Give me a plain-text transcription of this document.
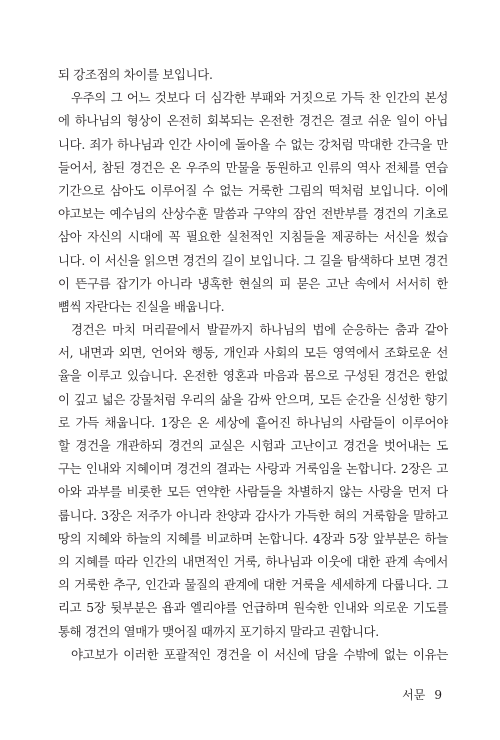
되 강조점의 차이를 보입니다.
우주의 그 어느 것보다 더 심각한 부패와 거짓으로 가득 찬 인간의 본성
에 하나님의 형상이 온전히 회복되는 온전한 경건은 결코 쉬운 일이 아닙
니다. 죄가 하나님과 인간 사이에 돌아올 수 없는 강처럼 막대한 간극을 만
들어서, 참된 경건은 온 우주의 만물을 동원하고 인류의 역사 전체를 연습
기간으로 삼아도 이루어질 수 없는 거룩한 그림의 떡처럼 보입니다. 이에
야고보는 예수님의 산상수훈 말씀과 구약의 잠언 전반부를 경건의 기초로
삼아 자신의 시대에 꼭 필요한 실천적인 지침들을 제공하는 서신을 썼습
니다. 이 서신을 읽으면 경건의 길이 보입니다. 그 길을 탐색하다 보면 경건
이 뜬구름 잡기가 아니라 냉혹한 현실의 피 묻은 고난 속에서 서서히 한
뼘씩 자란다는 진실을 배웁니다.
경건은 마치 머리끝에서 발끝까지 하나님의 법에 순응하는 춤과 같아
서, 내면과 외면, 언어와 행동, 개인과 사회의 모든 영역에서 조화로운 선
율을 이루고 있습니다. 온전한 영혼과 마음과 몸으로 구성된 경건은 한없
이 깊고 넓은 강물처럼 우리의 삶을 감싸 안으며, 모든 순간을 신성한 향기
로 가득 채웁니다. 1장은 온 세상에 흩어진 하나님의 사람들이 이루어야
할 경건을 개관하되 경건의 교실은 시험과 고난이고 경건을 벗어내는 도
구는 인내와 지혜이며 경건의 결과는 사랑과 거룩임을 논합니다. 2장은 고
아와 과부를 비롯한 모든 연약한 사람들을 차별하지 않는 사랑을 먼저 다
룹니다. 3장은 저주가 아니라 찬양과 감사가 가득한 혀의 거룩함을 말하고
땅의 지혜와 하늘의 지혜를 비교하며 논합니다. 4장과 5장 앞부분은 하늘
의 지혜를 따라 인간의 내면적인 거룩, 하나님과 이웃에 대한 관계 속에서
의 거룩한 추구, 인간과 물질의 관계에 대한 거룩을 세세하게 다룹니다. 그
리고 5장 뒷부분은 욥과 엘리야를 언급하며 원숙한 인내와 의로운 기도를
통해 경건의 열매가 맺어질 때까지 포기하지 말라고 권합니다.
야고보가 이러한 포괄적인 경건을 이 서신에 담을 수밖에 없는 이유는
서문 9
